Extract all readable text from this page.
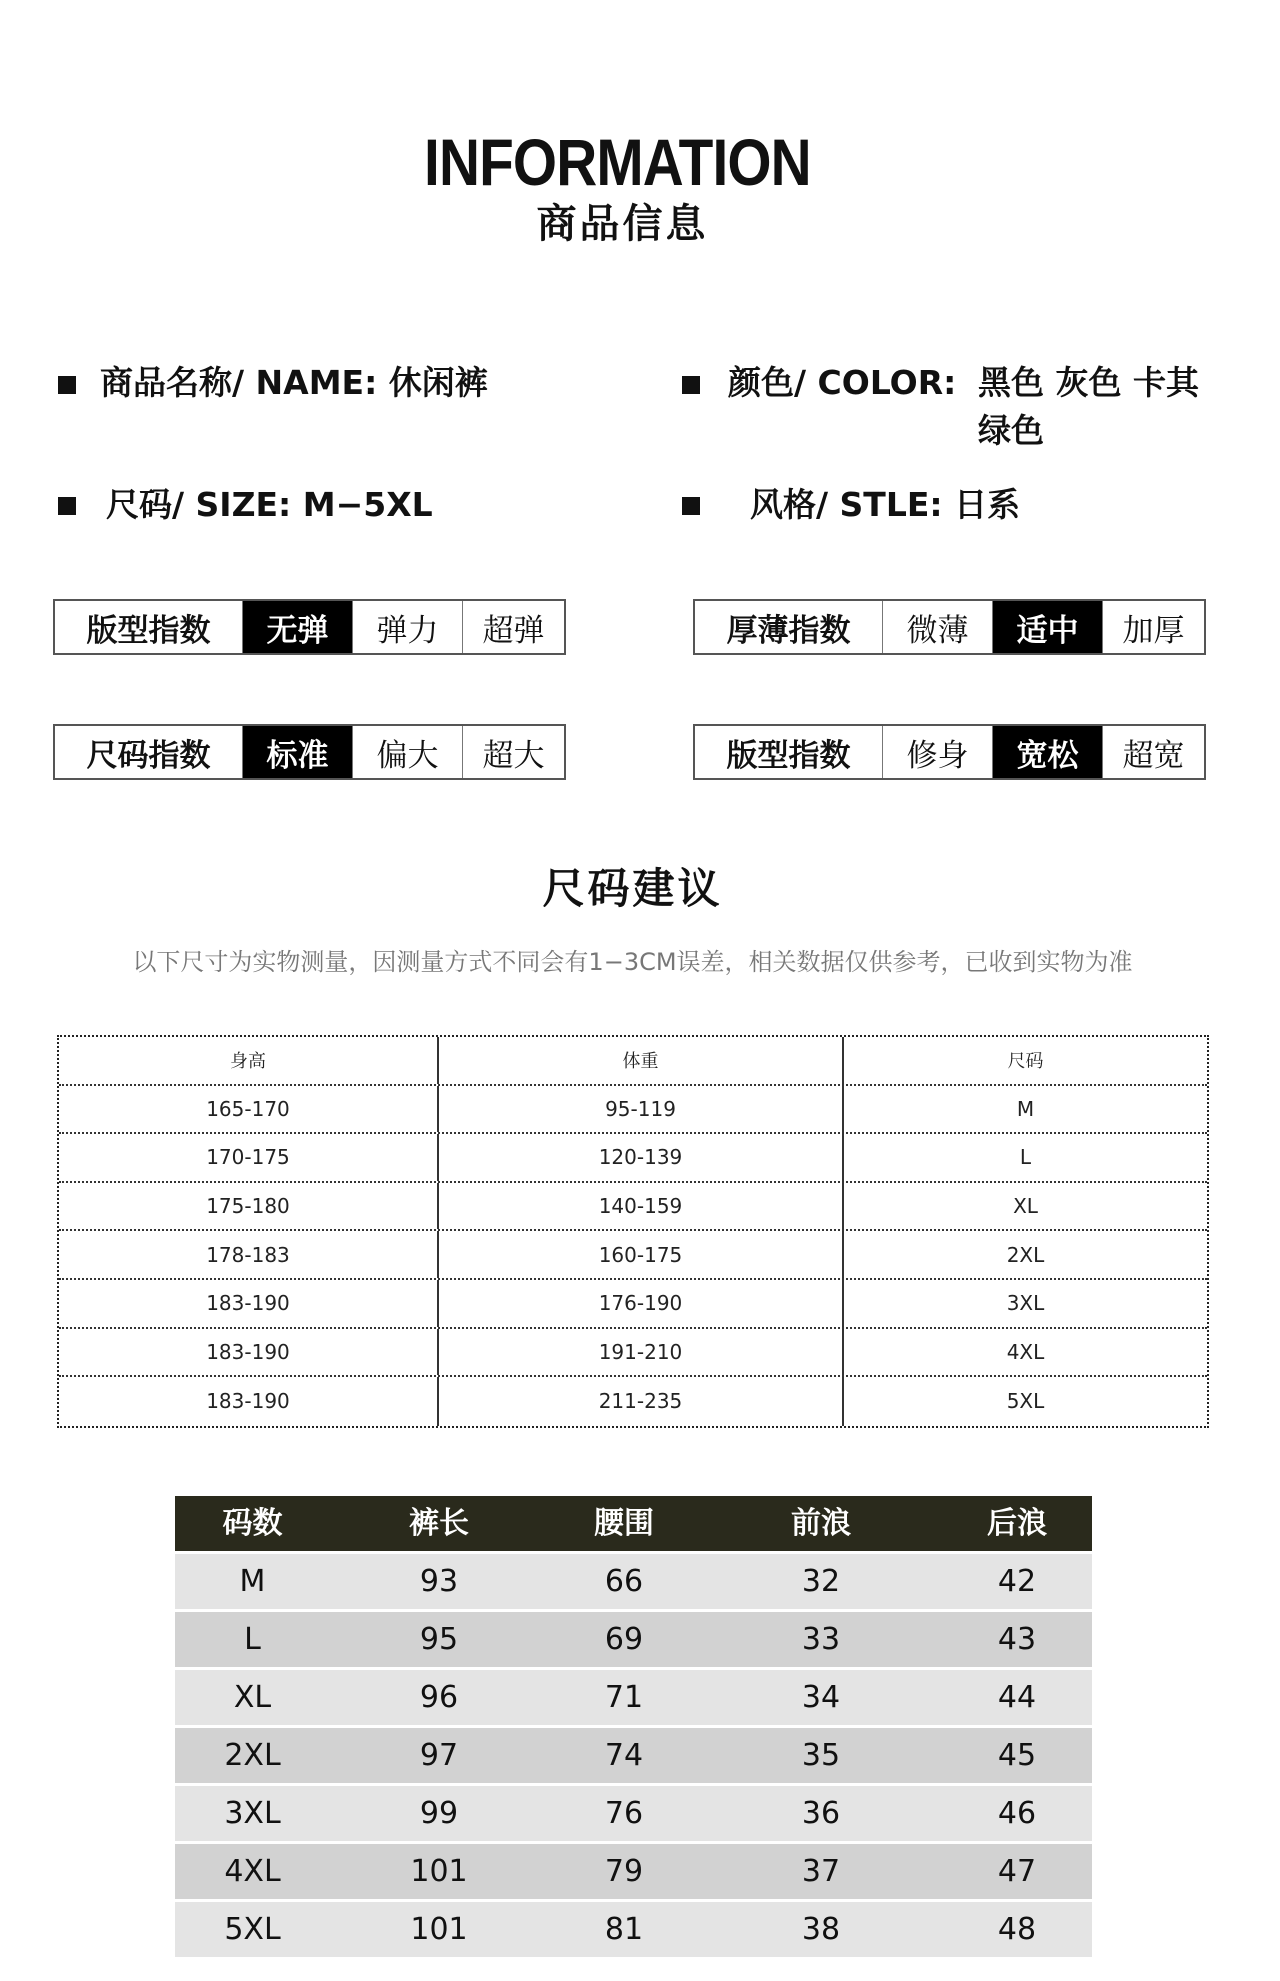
INFORMATION
商品信息
商品名称/ NAME: 休闲裤	颜色/ COLOR: 黑色 灰色 卡其
绿色
尺码/ SIZE: M−5XL	风格/ STLE: 日系
版型指数	无弹	弹力	超弹	厚薄指数	微薄	适中	加厚
尺码指数	标准	偏大	超大	版型指数	修身	宽松	超宽
尺码建议
以下尺寸为实物测量，因测量方式不同会有1−3CM误差，相关数据仅供参考，已收到实物为准
身高	体重	尺码
165-170	95-119	M
170-175	120-139	L
175-180	140-159	XL
178-183	160-175	2XL
183-190	176-190	3XL
183-190	191-210	4XL
183-190	211-235	5XL
码数	裤长	腰围	前浪	后浪
M	93	66	32	42
L	95	69	33	43
XL	96	71	34	44
2XL	97	74	35	45
3XL	99	76	36	46
4XL	101	79	37	47
5XL	101	81	38	48
